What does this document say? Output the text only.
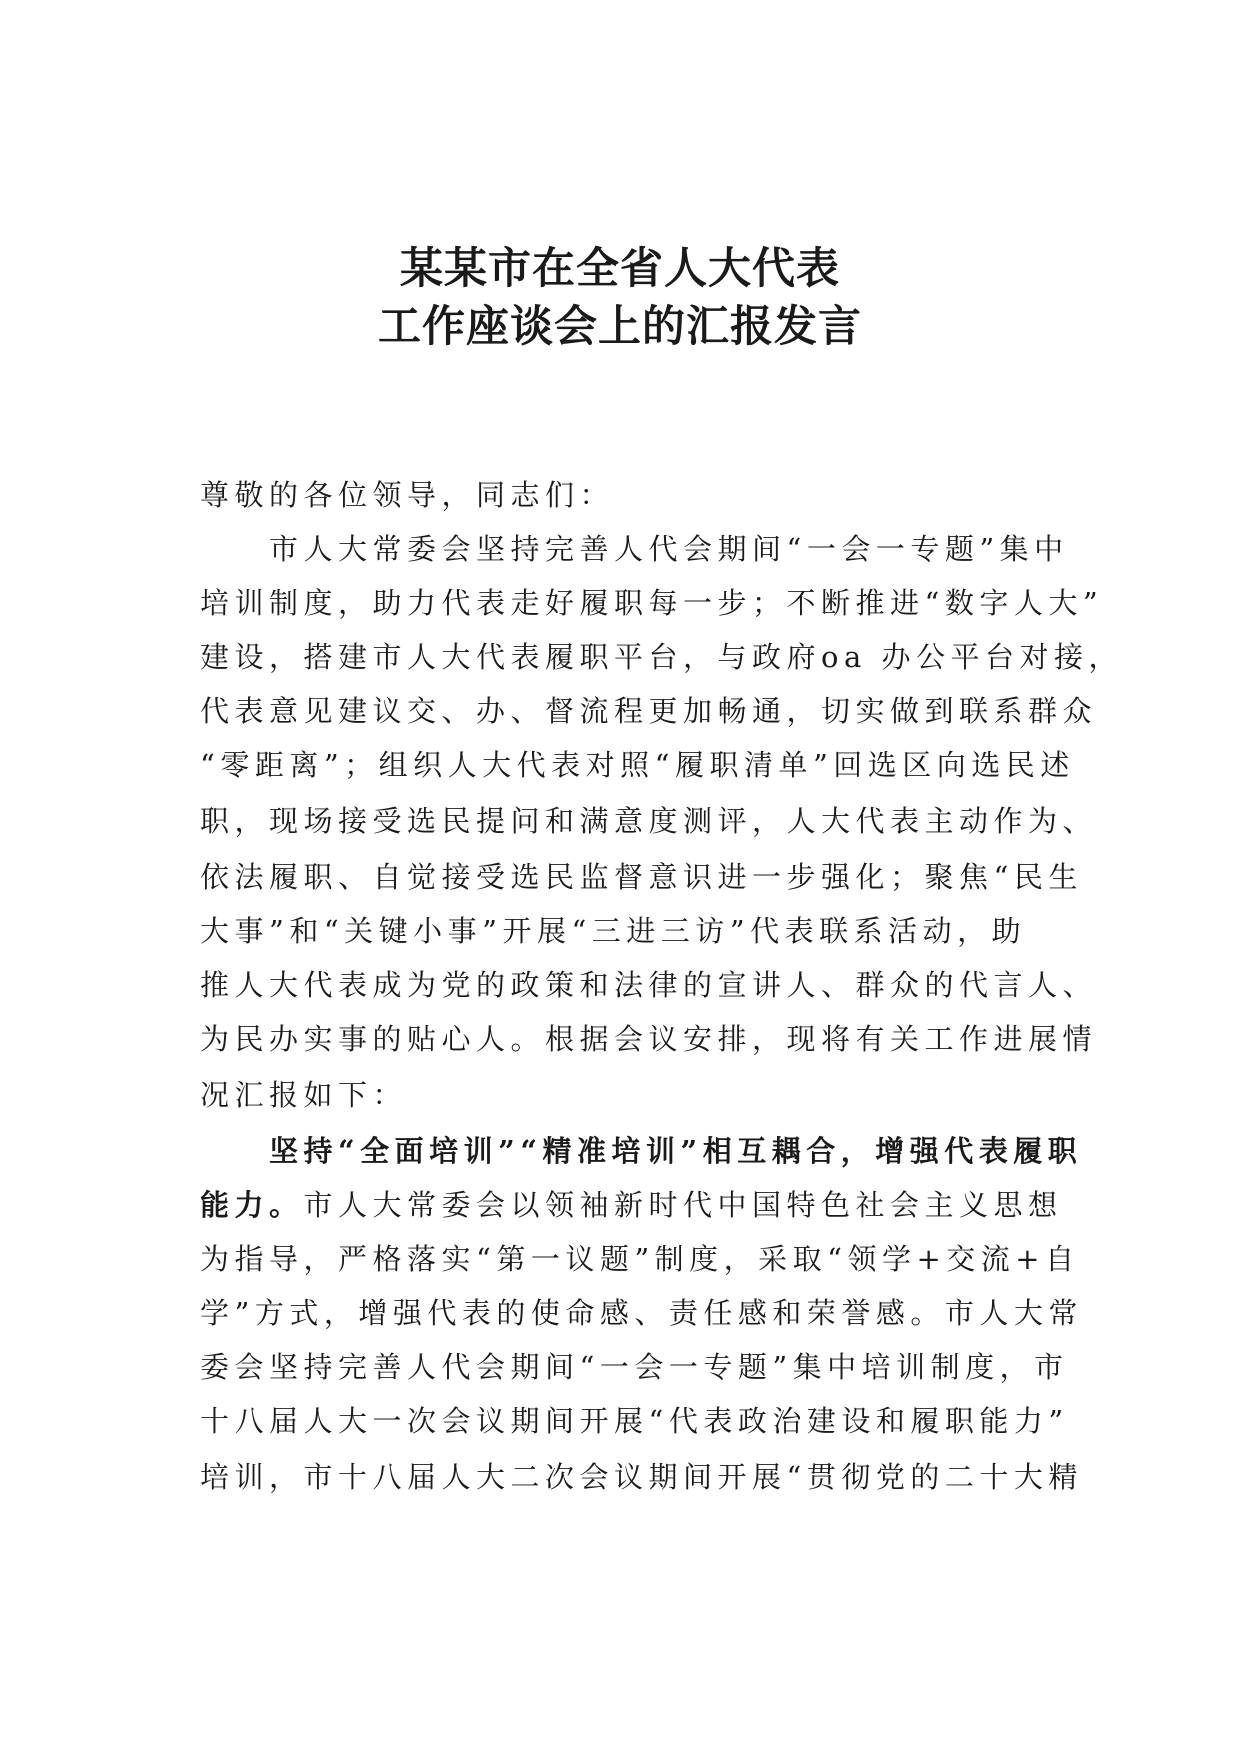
某某市在全省人大代表
工作座谈会上的汇报发言
尊敬的各位领导，同志们：
　　市人大常委会坚持完善人代会期间“一会一专题”集中
培训制度，助力代表走好履职每一步；不断推进“数字人大”
建设，搭建市人大代表履职平台，与政府oa 办公平台对接，
代表意见建议交、办、督流程更加畅通，切实做到联系群众
“零距离”；组织人大代表对照“履职清单”回选区向选民述
职，现场接受选民提问和满意度测评，人大代表主动作为、
依法履职、自觉接受选民监督意识进一步强化；聚焦“民生
大事”和“关键小事”开展“三进三访”代表联系活动，助
推人大代表成为党的政策和法律的宣讲人、群众的代言人、
为民办实事的贴心人。根据会议安排，现将有关工作进展情
况汇报如下：
　　坚持“全面培训”“精准培训”相互耦合，增强代表履职
能力。市人大常委会以领袖新时代中国特色社会主义思想
为指导，严格落实“第一议题”制度，采取“领学+交流+自
学”方式，增强代表的使命感、责任感和荣誉感。市人大常
委会坚持完善人代会期间“一会一专题”集中培训制度，市
十八届人大一次会议期间开展“代表政治建设和履职能力”
培训，市十八届人大二次会议期间开展“贯彻党的二十大精
